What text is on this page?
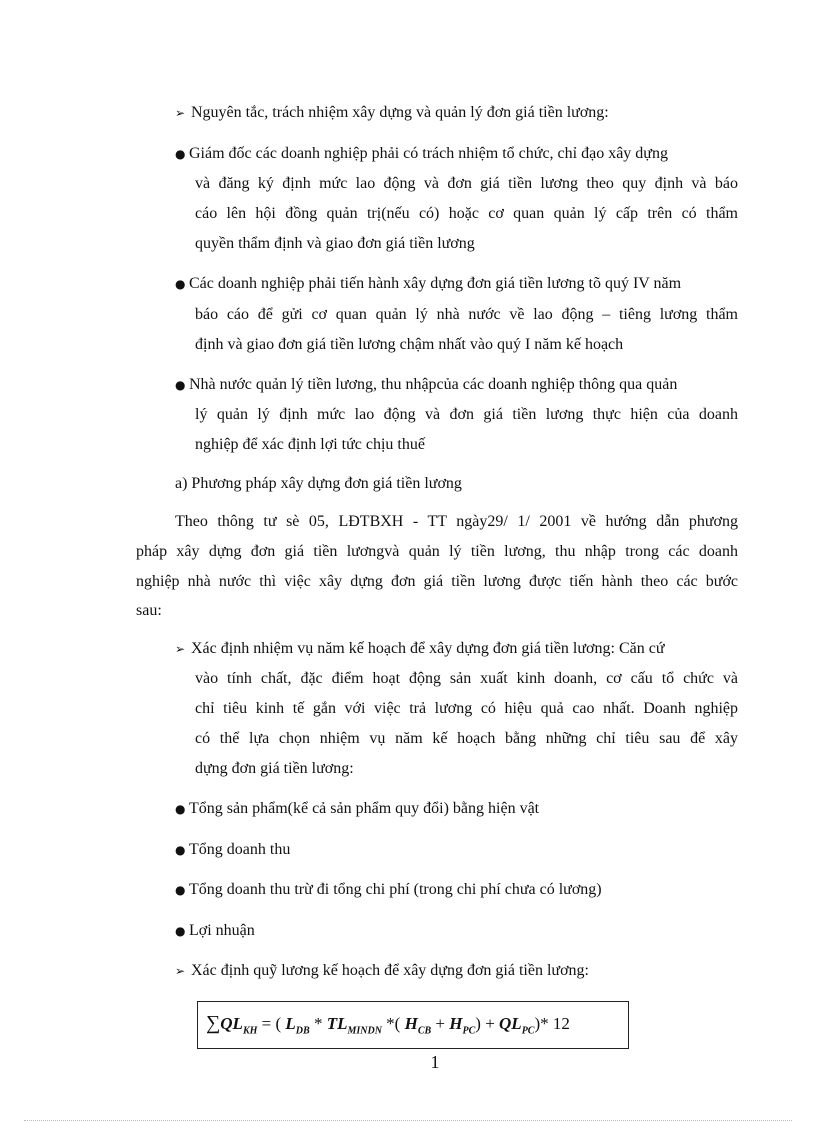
➢ Nguyên tắc, trách nhiệm xây dựng và quản lý đơn giá tiền lương:

● Giám đốc các doanh nghiệp phải có trách nhiệm tổ chức, chỉ đạo xây dựng

và đăng ký định mức lao động và đơn giá tiền lương theo quy định và báo

cáo lên hội đồng quản trị(nếu có) hoặc cơ quan quản lý cấp trên có thẩm

quyền thẩm định và giao đơn giá tiền lương

● Các doanh nghiệp phải tiến hành xây dựng đơn giá tiền lương tõ quý IV năm

báo cáo để gửi cơ quan quản lý nhà nước về lao động – tiêng lương thẩm

định và giao đơn giá tiền lương chậm nhất vào quý I năm kế hoạch

● Nhà nước quản lý tiền lương, thu nhậpcủa các doanh nghiệp thông qua quản

lý quản lý định mức lao động và đơn giá tiền lương thực hiện của doanh

nghiệp để xác định lợi tức chịu thuế

a) Phương pháp xây dựng đơn giá tiền lương

Theo thông tư sè 05, LĐTBXH - TT ngày29/ 1/ 2001 về hướng dẫn phương

pháp xây dựng đơn giá tiền lươngvà quản lý tiền lương, thu nhập trong các doanh

nghiệp nhà nước thì việc xây dựng đơn giá tiền lương được tiến hành theo các bước

sau:

➢ Xác định nhiệm vụ năm kế hoạch để xây dựng đơn giá tiền lương: Căn cứ

vào tính chất, đặc điểm hoạt động sản xuất kinh doanh, cơ cấu tổ chức và

chỉ tiêu kinh tế gắn với việc trả lương có hiệu quả cao nhất. Doanh nghiệp

có thể lựa chọn nhiệm vụ năm kế hoạch bằng những chỉ tiêu sau để xây

dựng đơn giá tiền lương:

● Tổng sản phẩm(kể cả sản phẩm quy đổi) bằng hiện vật

● Tổng doanh thu

● Tổng doanh thu trừ đi tổng chi phí (trong chi phí chưa có lương)

● Lợi nhuận

➢ Xác định quỹ lương kế hoạch để xây dựng đơn giá tiền lương:

$\sum QL_{KH}$ = ( $L_{DB} * TL_{MINDN}$ *( $H_{CB} + H_{PC}) + QL_{PC})*$ 12
1
